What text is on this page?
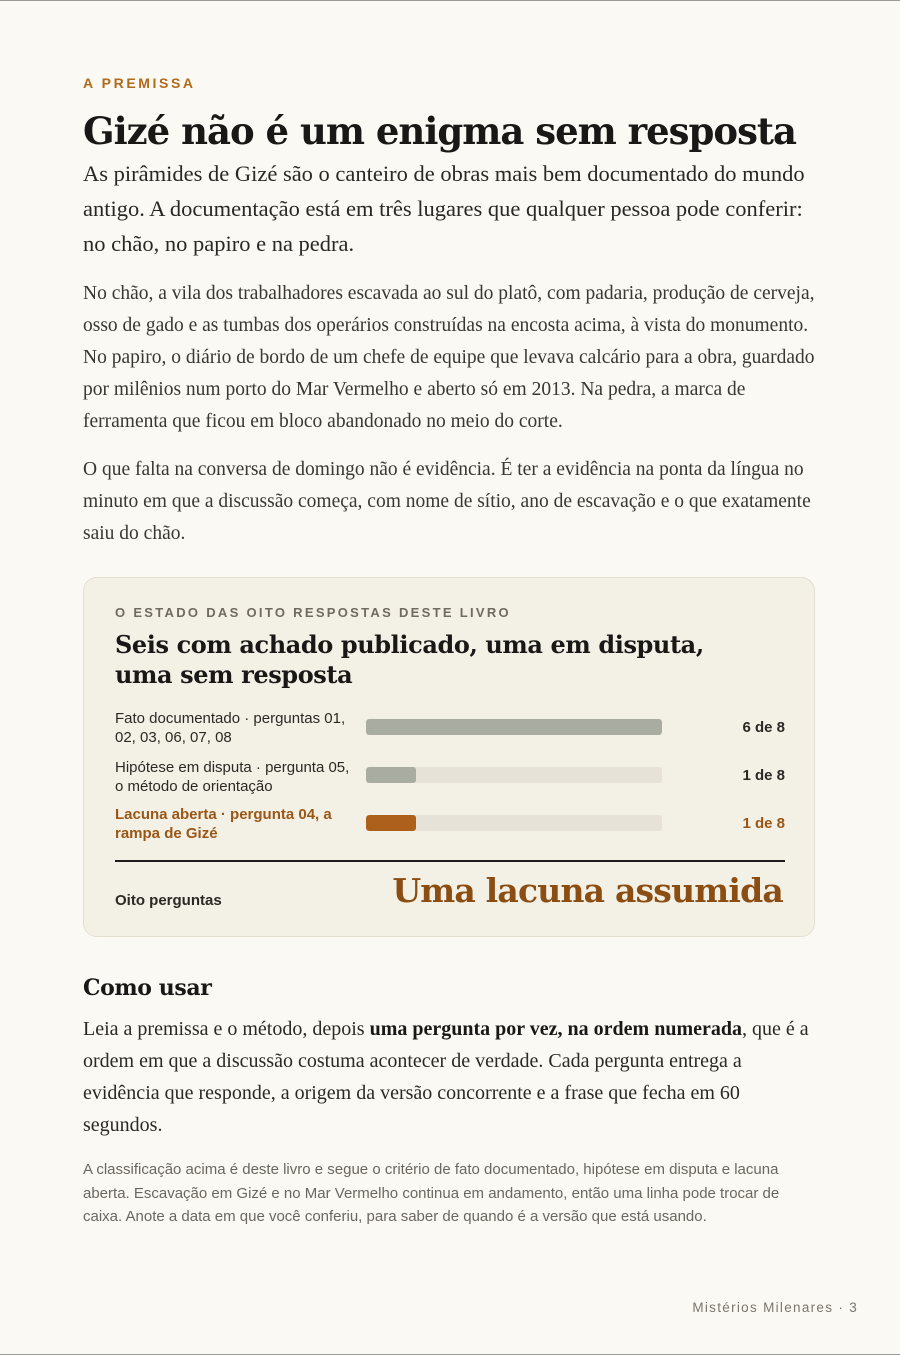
A PREMISSA

Gizé não é um enigma sem resposta

As pirâmides de Gizé são o canteiro de obras mais bem documentado do mundo antigo. A documentação está em três lugares que qualquer pessoa pode conferir: no chão, no papiro e na pedra.

No chão, a vila dos trabalhadores escavada ao sul do platô, com padaria, produção de cerveja, osso de gado e as tumbas dos operários construídas na encosta acima, à vista do monumento. No papiro, o diário de bordo de um chefe de equipe que levava calcário para a obra, guardado por milênios num porto do Mar Vermelho e aberto só em 2013. Na pedra, a marca de ferramenta que ficou em bloco abandonado no meio do corte.

O que falta na conversa de domingo não é evidência. É ter a evidência na ponta da língua no minuto em que a discussão começa, com nome de sítio, ano de escavação e o que exatamente saiu do chão.

O ESTADO DAS OITO RESPOSTAS DESTE LIVRO
Seis com achado publicado, uma em disputa, uma sem resposta
Fato documentado · perguntas 01, 02, 03, 06, 07, 08
6 de 8
Hipótese em disputa · pergunta 05, o método de orientação
1 de 8
Lacuna aberta · pergunta 04, a rampa de Gizé
1 de 8
Oito perguntas	Uma lacuna assumida
Como usar

Leia a premissa e o método, depois uma pergunta por vez, na ordem numerada, que é a ordem em que a discussão costuma acontecer de verdade. Cada pergunta entrega a evidência que responde, a origem da versão concorrente e a frase que fecha em 60 segundos.

A classificação acima é deste livro e segue o critério de fato documentado, hipótese em disputa e lacuna aberta. Escavação em Gizé e no Mar Vermelho continua em andamento, então uma linha pode trocar de caixa. Anote a data em que você conferiu, para saber de quando é a versão que está usando.

Mistérios Milenares · 3
